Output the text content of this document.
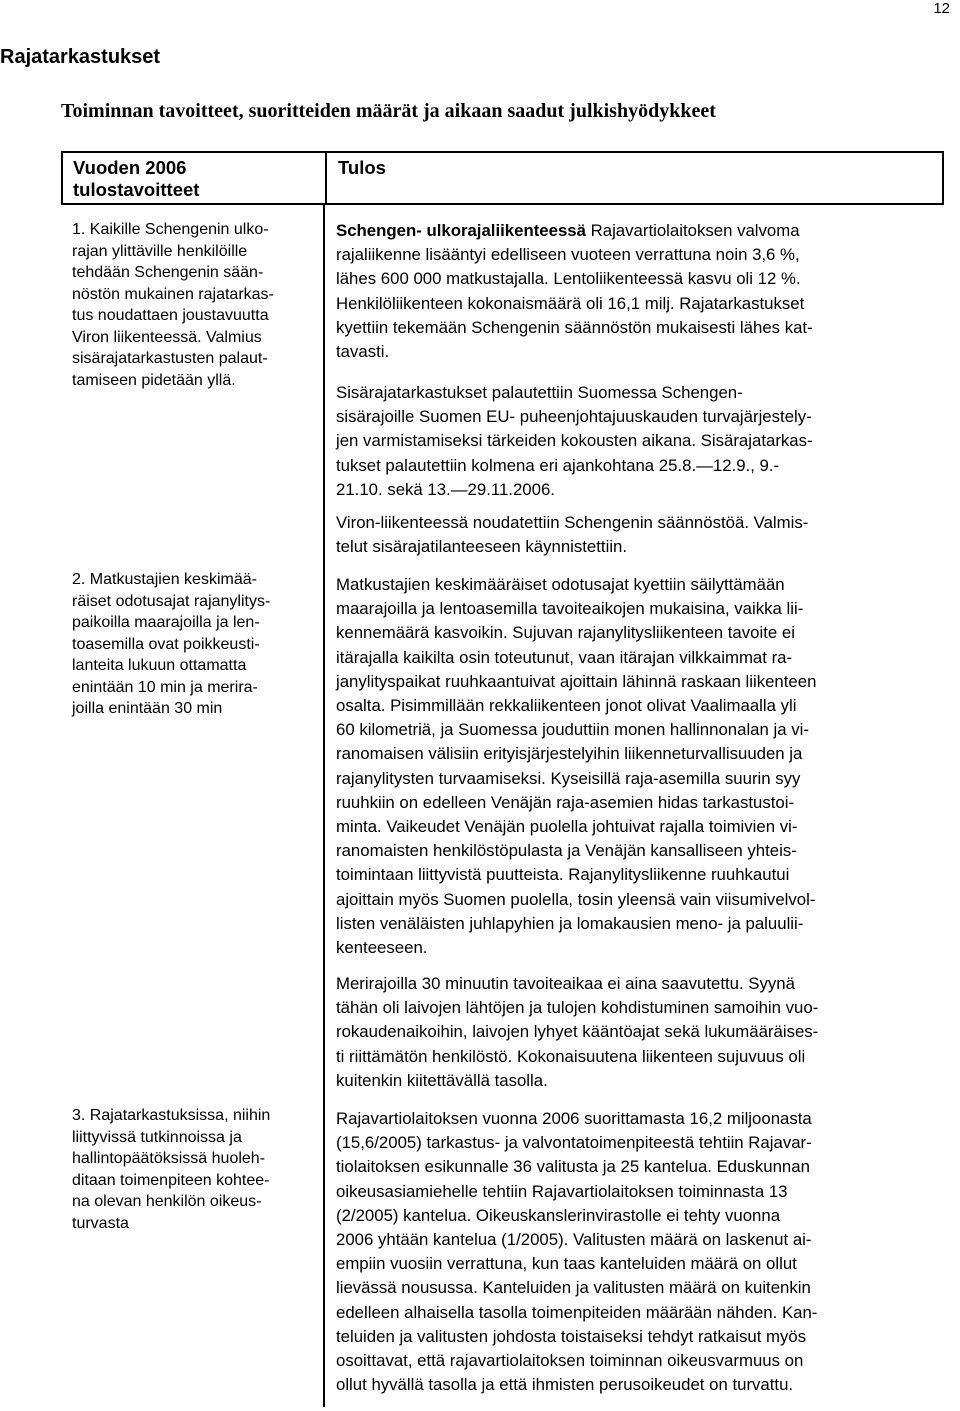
12
Rajatarkastukset
Toiminnan tavoitteet, suoritteiden määrät ja aikaan saadut julkishyödykkeet
Vuoden 2006
tulostavoitteet
Tulos
1. Kaikille Schengenin ulko-
rajan ylittäville henkilöille
tehdään Schengenin sään-
nöstön mukainen rajatarkas-
tus noudattaen joustavuutta
Viron liikenteessä. Valmius
sisärajatarkastusten palaut-
tamiseen pidetään yllä.
2. Matkustajien keskimää-
räiset odotusajat rajanylitys-
paikoilla maarajoilla ja len-
toasemilla ovat poikkeusti-
lanteita lukuun ottamatta
enintään 10 min ja merira-
joilla enintään 30 min
3. Rajatarkastuksissa, niihin
liittyvissä tutkinnoissa ja
hallintopäätöksissä huoleh-
ditaan toimenpiteen kohtee-
na olevan henkilön oikeus-
turvasta
Schengen- ulkorajaliikenteessä Rajavartiolaitoksen valvoma
rajaliikenne lisääntyi edelliseen vuoteen verrattuna noin 3,6 %,
lähes 600 000 matkustajalla. Lentoliikenteessä kasvu oli 12 %.
Henkilöliikenteen kokonaismäärä oli 16,1 milj. Rajatarkastukset
kyettiin tekemään Schengenin säännöstön mukaisesti lähes kat-
tavasti.
Sisärajatarkastukset palautettiin Suomessa Schengen-
sisärajoille Suomen EU- puheenjohtajuuskauden turvajärjestely-
jen varmistamiseksi tärkeiden kokousten aikana. Sisärajatarkas-
tukset palautettiin kolmena eri ajankohtana 25.8.—12.9., 9.-
21.10. sekä 13.—29.11.2006.
Viron-liikenteessä noudatettiin Schengenin säännöstöä. Valmis-
telut sisärajatilanteeseen käynnistettiin.
Matkustajien keskimääräiset odotusajat kyettiin säilyttämään
maarajoilla ja lentoasemilla tavoiteaikojen mukaisina, vaikka lii-
kennemäärä kasvoikin. Sujuvan rajanylitysliikenteen tavoite ei
itärajalla kaikilta osin toteutunut, vaan itärajan vilkkaimmat ra-
janylityspaikat ruuhkaantuivat ajoittain lähinnä raskaan liikenteen
osalta. Pisimmillään rekkaliikenteen jonot olivat Vaalimaalla yli
60 kilometriä, ja Suomessa jouduttiin monen hallinnonalan ja vi-
ranomaisen välisiin erityisjärjestelyihin liikenneturvallisuuden ja
rajanylitysten turvaamiseksi. Kyseisillä raja-asemilla suurin syy
ruuhkiin on edelleen Venäjän raja-asemien hidas tarkastustoi-
minta. Vaikeudet Venäjän puolella johtuivat rajalla toimivien vi-
ranomaisten henkilöstöpulasta ja Venäjän kansalliseen yhteis-
toimintaan liittyvistä puutteista. Rajanylitysliikenne ruuhkautui
ajoittain myös Suomen puolella, tosin yleensä vain viisumivelvol-
listen venäläisten juhlapyhien ja lomakausien meno- ja paluulii-
kenteeseen.
Merirajoilla 30 minuutin tavoiteaikaa ei aina saavutettu. Syynä
tähän oli laivojen lähtöjen ja tulojen kohdistuminen samoihin vuo-
rokaudenaikoihin, laivojen lyhyet kääntöajat sekä lukumääräises-
ti riittämätön henkilöstö. Kokonaisuutena liikenteen sujuvuus oli
kuitenkin kiitettävällä tasolla.
Rajavartiolaitoksen vuonna 2006 suorittamasta 16,2 miljoonasta
(15,6/2005) tarkastus- ja valvontatoimenpiteestä tehtiin Rajavar-
tiolaitoksen esikunnalle 36 valitusta ja 25 kantelua. Eduskunnan
oikeusasiamiehelle tehtiin Rajavartiolaitoksen toiminnasta 13
(2/2005) kantelua. Oikeuskanslerinvirastolle ei tehty vuonna
2006 yhtään kantelua (1/2005). Valitusten määrä on laskenut ai-
empiin vuosiin verrattuna, kun taas kanteluiden määrä on ollut
lievässä nousussa. Kanteluiden ja valitusten määrä on kuitenkin
edelleen alhaisella tasolla toimenpiteiden määrään nähden. Kan-
teluiden ja valitusten johdosta toistaiseksi tehdyt ratkaisut myös
osoittavat, että rajavartiolaitoksen toiminnan oikeusvarmuus on
ollut hyvällä tasolla ja että ihmisten perusoikeudet on turvattu.
